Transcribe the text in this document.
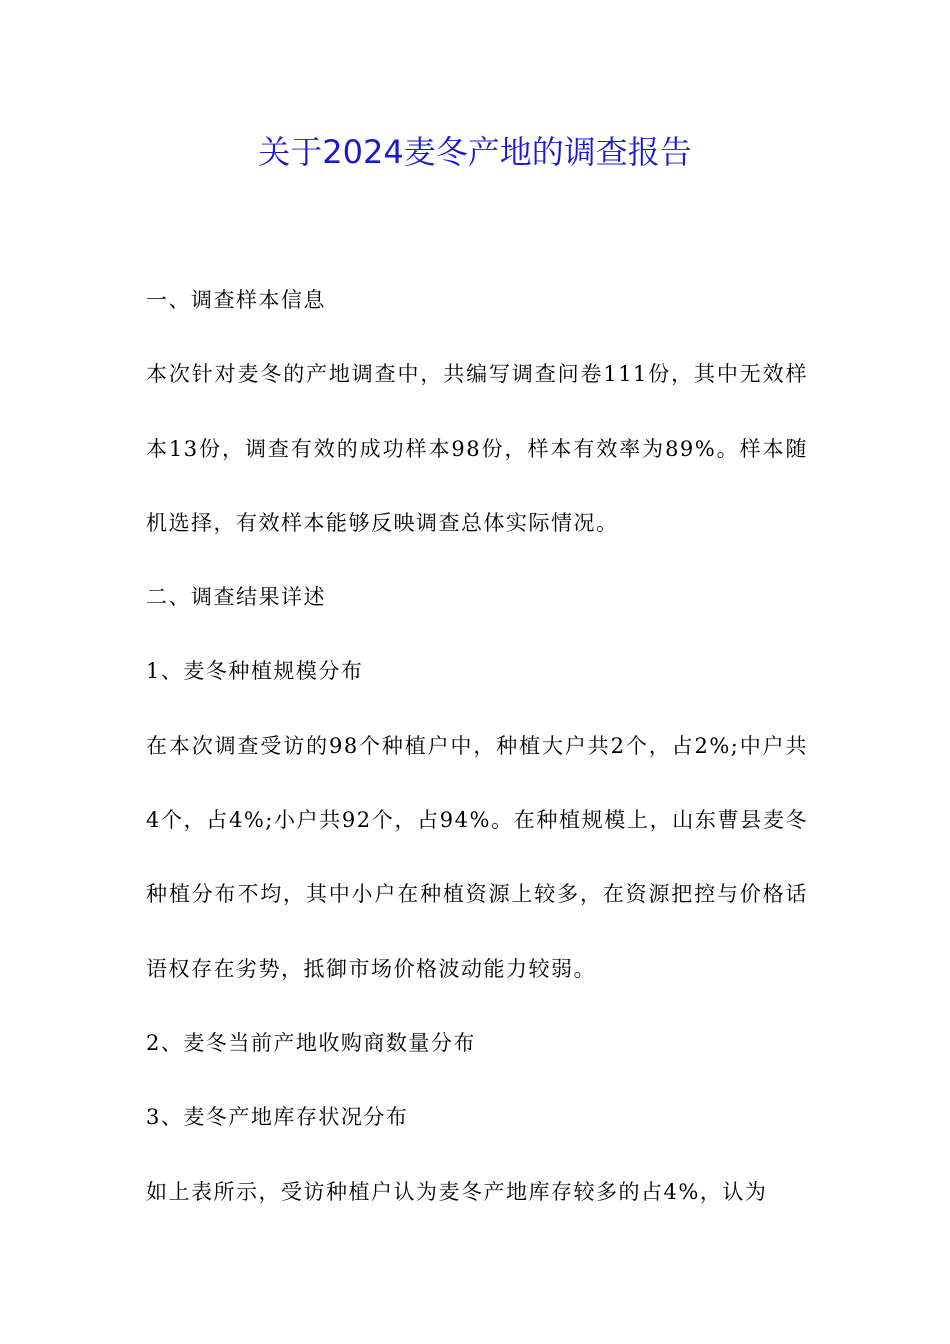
关于2024麦冬产地的调查报告

一、调查样本信息

本次针对麦冬的产地调查中，共编写调查问卷111份，其中无效样本13份，调查有效的成功样本98份，样本有效率为89%。样本随机选择，有效样本能够反映调查总体实际情况。

二、调查结果详述

1、麦冬种植规模分布

在本次调查受访的98个种植户中，种植大户共2个，占2%;中户共4个，占4%;小户共92个，占94%。在种植规模上，山东曹县麦冬种植分布不均，其中小户在种植资源上较多，在资源把控与价格话语权存在劣势，抵御市场价格波动能力较弱。

2、麦冬当前产地收购商数量分布

3、麦冬产地库存状况分布

如上表所示，受访种植户认为麦冬产地库存较多的占4%，认为
